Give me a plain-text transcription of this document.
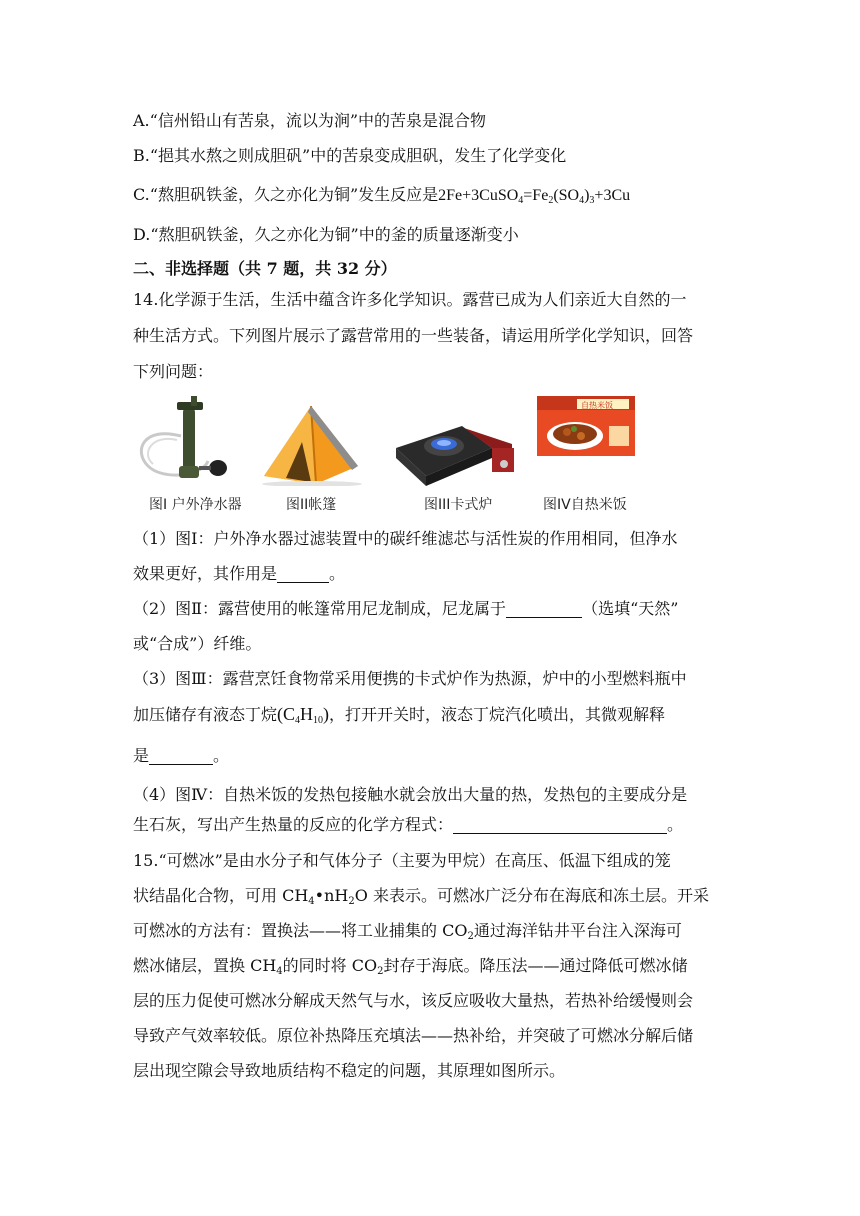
A.“信州铅山有苦泉，流以为涧”中的苦泉是混合物
B.“挹其水熬之则成胆矾”中的苦泉变成胆矾，发生了化学变化
C.“熬胆矾铁釜，久之亦化为铜”发生反应是$2Fe+3CuSO_4=Fe_2(SO_4)_3+3Cu$
D.“熬胆矾铁釜，久之亦化为铜”中的釜的质量逐渐变小
二、非选择题（共 7 题，共 32 分）
14.化学源于生活，生活中蕴含许多化学知识。露营已成为人们亲近大自然的一
种生活方式。下列图片展示了露营常用的一些装备，请运用所学化学知识，回答
下列问题：
自热米饭
图I 户外净水器	图II帐篷	图III卡式炉	图IV自热米饭
（1）图Ⅰ：户外净水器过滤装置中的碳纤维滤芯与活性炭的作用相同，但净水
效果更好，其作用是	。
（2）图Ⅱ：露营使用的帐篷常用尼龙制成，尼龙属于	（选填“天然”
或“合成”）纤维。
（3）图Ⅲ：露营烹饪食物常采用便携的卡式炉作为热源，炉中的小型燃料瓶中
加压储存有液态丁烷$(C_4H_{10})$，打开开关时，液态丁烷汽化喷出，其微观解释
是	。
（4）图Ⅳ：自热米饭的发热包接触水就会放出大量的热，发热包的主要成分是
生石灰，写出产生热量的反应的化学方程式：	。
15.“可燃冰”是由水分子和气体分子（主要为甲烷）在高压、低温下组成的笼
状结晶化合物，可用 $CH_4•nH_2O$ 来表示。可燃冰广泛分布在海底和冻土层。开采
可燃冰的方法有：置换法——将工业捕集的 $CO_2$通过海洋钻井平台注入深海可
燃冰储层，置换 $CH_4$的同时将 $CO_2$封存于海底。降压法——通过降低可燃冰储
层的压力促使可燃冰分解成天然气与水，该反应吸收大量热，若热补给缓慢则会
导致产气效率较低。原位补热降压充填法——热补给，并突破了可燃冰分解后储
层出现空隙会导致地质结构不稳定的问题，其原理如图所示。
